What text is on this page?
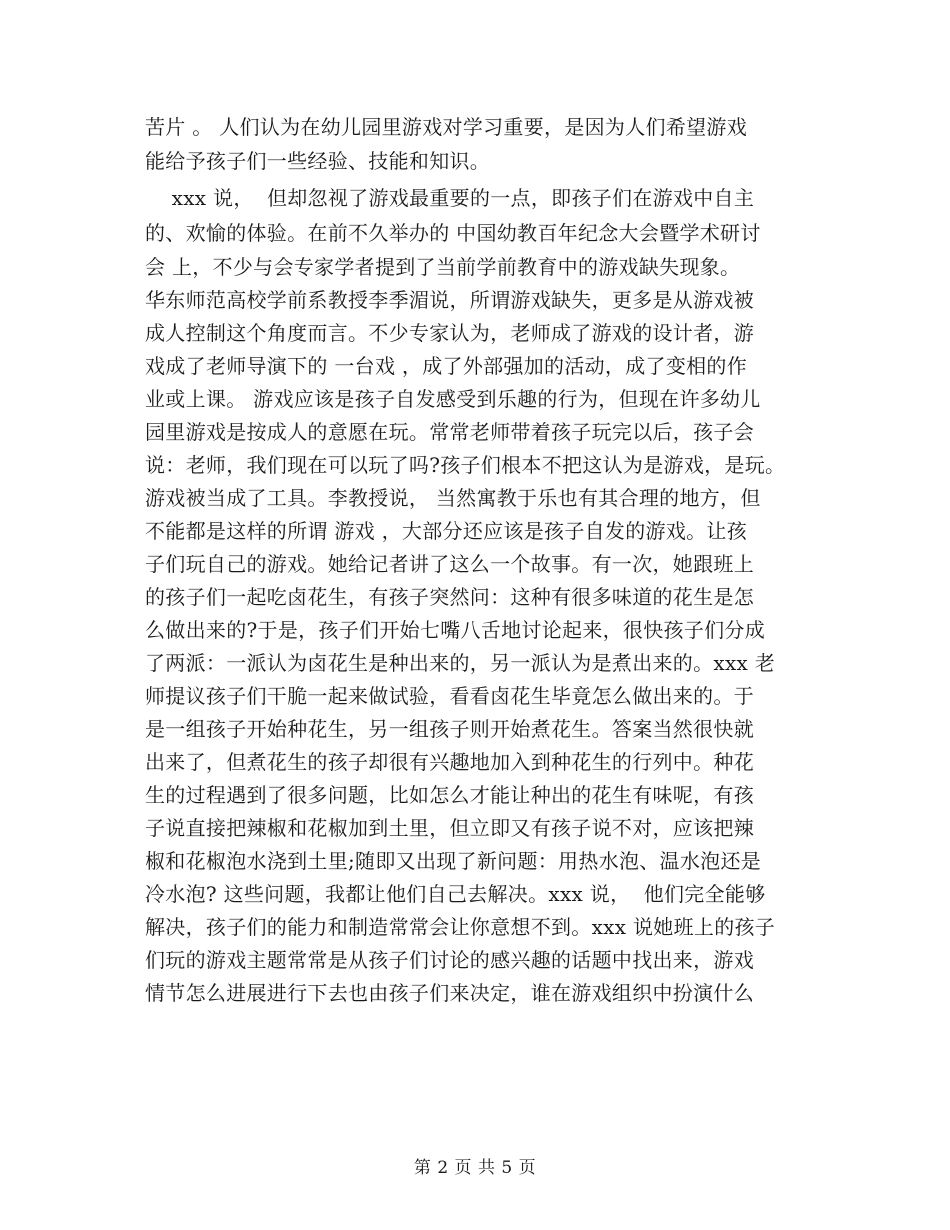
苦片 。 人们认为在幼儿园里游戏对学习重要，是因为人们希望游戏
能给予孩子们一些经验、技能和知识。
xxx 说，  但却忽视了游戏最重要的一点，即孩子们在游戏中自主
的、欢愉的体验。在前不久举办的 中国幼教百年纪念大会暨学术研讨
会 上，不少与会专家学者提到了当前学前教育中的游戏缺失现象。
华东师范高校学前系教授李季湄说，所谓游戏缺失，更多是从游戏被
成人控制这个角度而言。不少专家认为，老师成了游戏的设计者，游
戏成了老师导演下的 一台戏 ，成了外部强加的活动，成了变相的作
业或上课。 游戏应该是孩子自发感受到乐趣的行为，但现在许多幼儿
园里游戏是按成人的意愿在玩。常常老师带着孩子玩完以后，孩子会
说：老师，我们现在可以玩了吗?孩子们根本不把这认为是游戏，是玩。
游戏被当成了工具。李教授说， 当然寓教于乐也有其合理的地方，但
不能都是这样的所谓 游戏 ，大部分还应该是孩子自发的游戏。让孩
子们玩自己的游戏。她给记者讲了这么一个故事。有一次，她跟班上
的孩子们一起吃卤花生，有孩子突然问：这种有很多味道的花生是怎
么做出来的?于是，孩子们开始七嘴八舌地讨论起来，很快孩子们分成
了两派：一派认为卤花生是种出来的，另一派认为是煮出来的。xxx 老
师提议孩子们干脆一起来做试验，看看卤花生毕竟怎么做出来的。于
是一组孩子开始种花生，另一组孩子则开始煮花生。答案当然很快就
出来了，但煮花生的孩子却很有兴趣地加入到种花生的行列中。种花
生的过程遇到了很多问题，比如怎么才能让种出的花生有味呢，有孩
子说直接把辣椒和花椒加到土里，但立即又有孩子说不对，应该把辣
椒和花椒泡水浇到土里;随即又出现了新问题：用热水泡、温水泡还是
冷水泡? 这些问题，我都让他们自己去解决。xxx 说，  他们完全能够
解决，孩子们的能力和制造常常会让你意想不到。xxx 说她班上的孩子
们玩的游戏主题常常是从孩子们讨论的感兴趣的话题中找出来，游戏
情节怎么进展进行下去也由孩子们来决定，谁在游戏组织中扮演什么
第 2 页 共 5 页
